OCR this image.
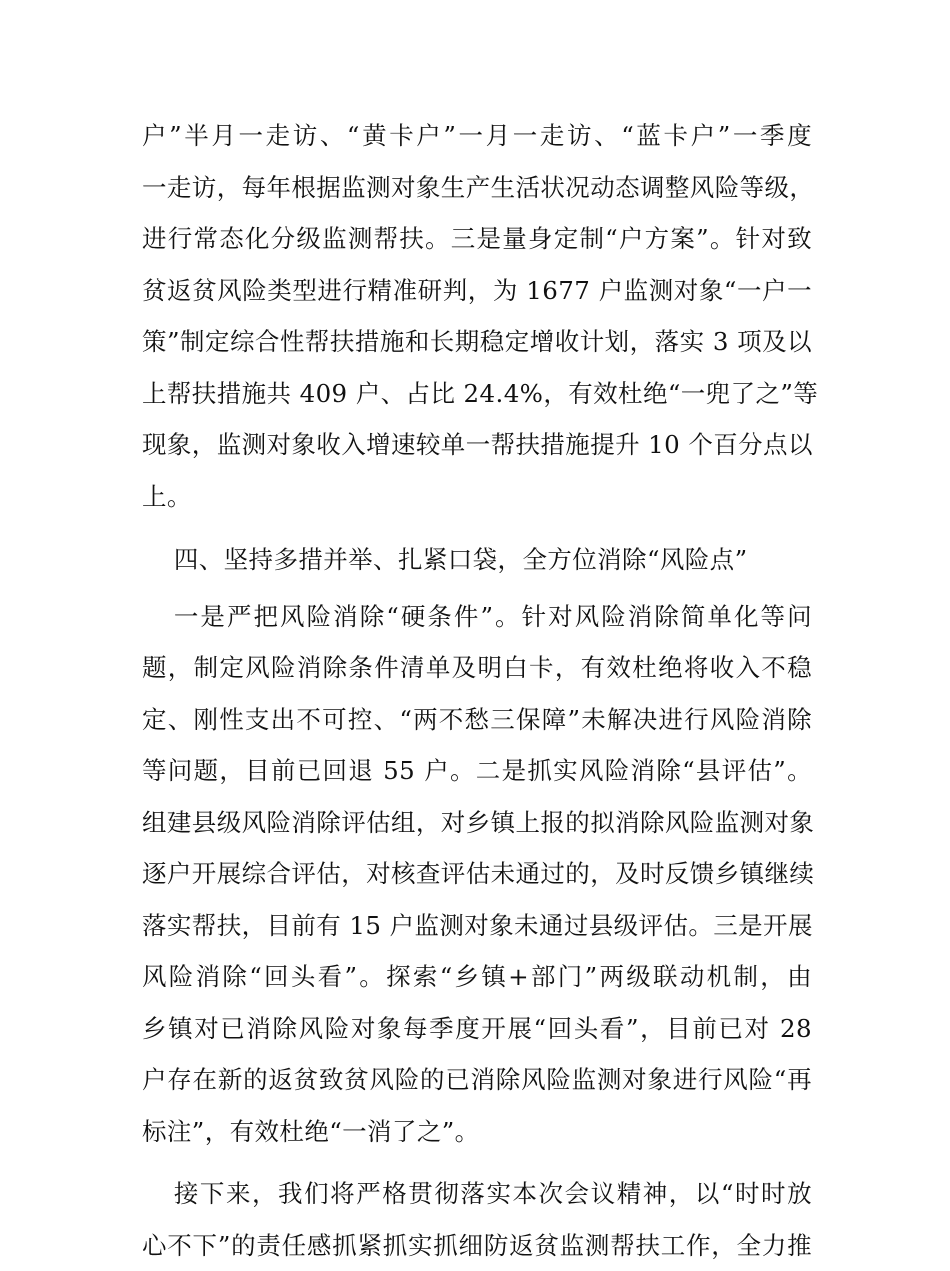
户”半月一走访、“黄卡户”一月一走访、“蓝卡户”一季度
一走访，每年根据监测对象生产生活状况动态调整风险等级，
进行常态化分级监测帮扶。三是量身定制“户方案”。针对致
贫返贫风险类型进行精准研判，为 1677 户监测对象“一户一
策”制定综合性帮扶措施和长期稳定增收计划，落实 3 项及以
上帮扶措施共 409 户、占比 24.4%，有效杜绝“一兜了之”等
现象，监测对象收入增速较单一帮扶措施提升 10 个百分点以
上。
四、坚持多措并举、扎紧口袋，全方位消除“风险点”
一是严把风险消除“硬条件”。针对风险消除简单化等问
题，制定风险消除条件清单及明白卡，有效杜绝将收入不稳
定、刚性支出不可控、“两不愁三保障”未解决进行风险消除
等问题，目前已回退 55 户。二是抓实风险消除“县评估”。
组建县级风险消除评估组，对乡镇上报的拟消除风险监测对象
逐户开展综合评估，对核查评估未通过的，及时反馈乡镇继续
落实帮扶，目前有 15 户监测对象未通过县级评估。三是开展
风险消除“回头看”。探索“乡镇+部门”两级联动机制，由
乡镇对已消除风险对象每季度开展“回头看”，目前已对 28
户存在新的返贫致贫风险的已消除风险监测对象进行风险“再
标注”，有效杜绝“一消了之”。
接下来，我们将严格贯彻落实本次会议精神，以“时时放
心不下”的责任感抓紧抓实抓细防返贫监测帮扶工作，全力推
